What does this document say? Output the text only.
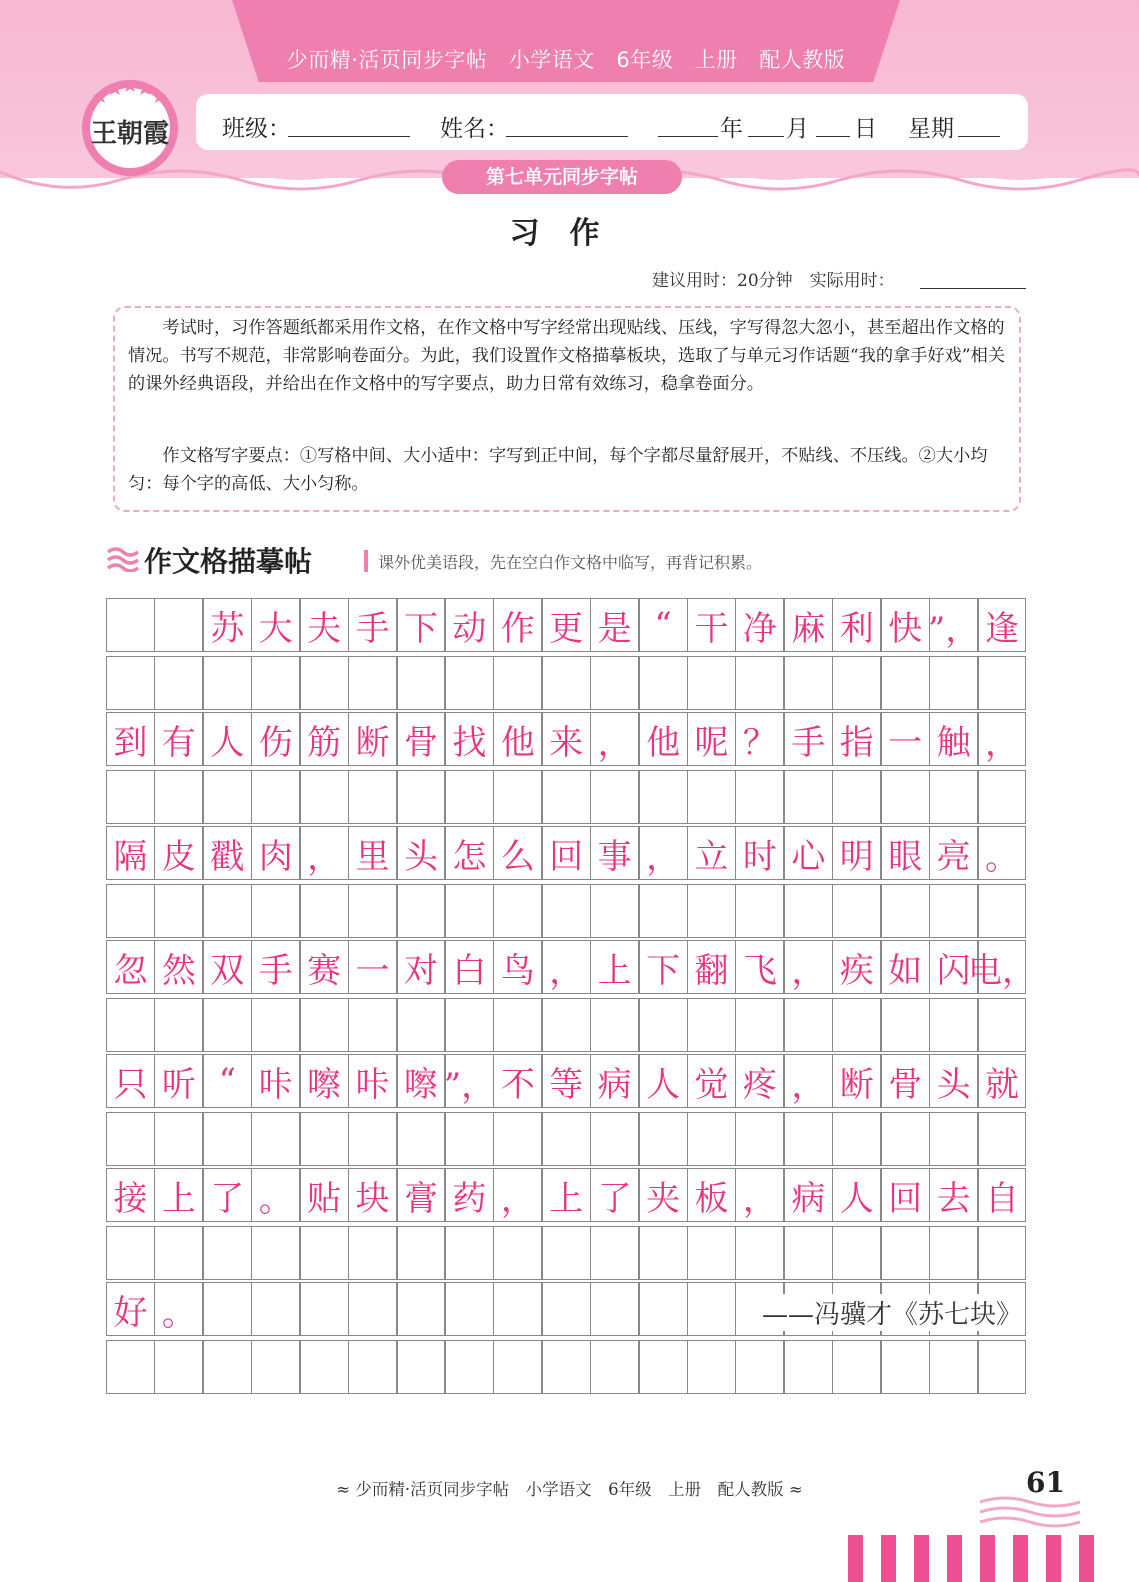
少而精·活页同步字帖　小学语文　6年级　上册　配人教版
王朝霞	班级：	姓名：	年 月 日 星期
第七单元同步字帖
习作
建议用时：20分钟　实际用时：

考试时，习作答题纸都采用作文格，在作文格中写字经常出现贴线、压线，字写得忽大忽小，甚至超出作文格的情况。书写不规范，非常影响卷面分。为此，我们设置作文格描摹板块，选取了与单元习作话题“我的拿手好戏”相关的课外经典语段，并给出在作文格中的写字要点，助力日常有效练习，稳拿卷面分。

作文格写字要点：①写格中间、大小适中：字写到正中间，每个字都尽量舒展开，不贴线、不压线。②大小均匀：每个字的高低、大小匀称。

作文格描摹帖	课外优美语段，先在空白作文格中临写，再背记积累。
苏 大 夫 手 下 动 作 更 是 “ 干 净 麻 利 快 ”， 逢
到 有 人 伤 筋 断 骨 找 他 来 ， 他 呢 ？ 手 指 一 触 ，
隔 皮 戳 肉 ， 里 头 怎 么 回 事 ， 立 时 心 明 眼 亮 。
忽 然 双 手 赛 一 对 白 鸟 ， 上 下 翻 飞 ， 疾 如 闪
电，
只 听 “ 咔 嚓 咔 嚓 ”， 不 等 病 人 觉 疼 ， 断 骨 头 就
接 上 了 。 贴 块 膏 药 ， 上 了 夹 板 ， 病 人 回 去 自
好 。	——冯骥才《苏七块》
≈ 少而精·活页同步字帖　小学语文　6年级　上册　配人教版 ≈	61
